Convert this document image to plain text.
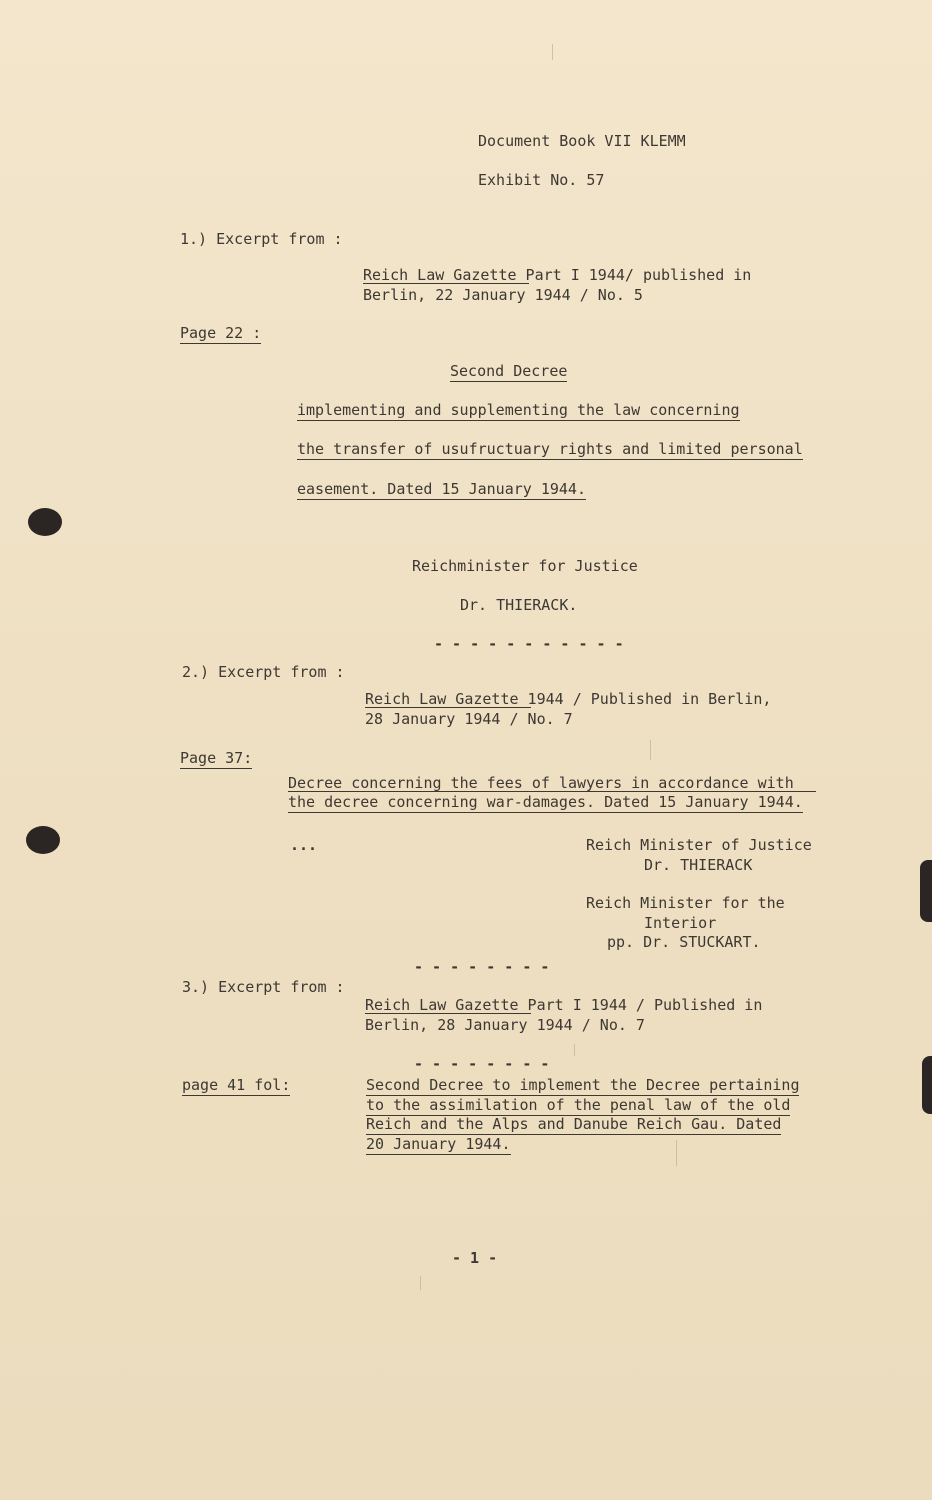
Document Book VII KLEMM
Exhibit No. 57
1.) Excerpt from :
Reich Law Gazette Part I 1944/ published in
Berlin, 22 January 1944 / No. 5
Page 22 :
Second Decree
implementing and supplementing the law concerning
the transfer of usufructuary rights and limited personal
easement. Dated 15 January 1944.
Reichminister for Justice
Dr. THIERACK.
- - - - - - - - - - -
2.) Excerpt from :
Reich Law Gazette 1944 / Published in Berlin,
28 January 1944 / No. 7
Page 37:
Decree concerning the fees of lawyers in accordance with
the decree concerning war-damages. Dated 15 January 1944.
...	Reich Minister of Justice
Dr. THIERACK
Reich Minister for the
Interior
pp. Dr. STUCKART.
- - - - - - - -
3.) Excerpt from :
Reich Law Gazette Part I 1944 / Published in
Berlin, 28 January 1944 / No. 7
- - - - - - - -
page 41 fol:	Second Decree to implement the Decree pertaining
to the assimilation of the penal law of the old
Reich and the Alps and Danube Reich Gau. Dated
20 January 1944.
- 1 -
